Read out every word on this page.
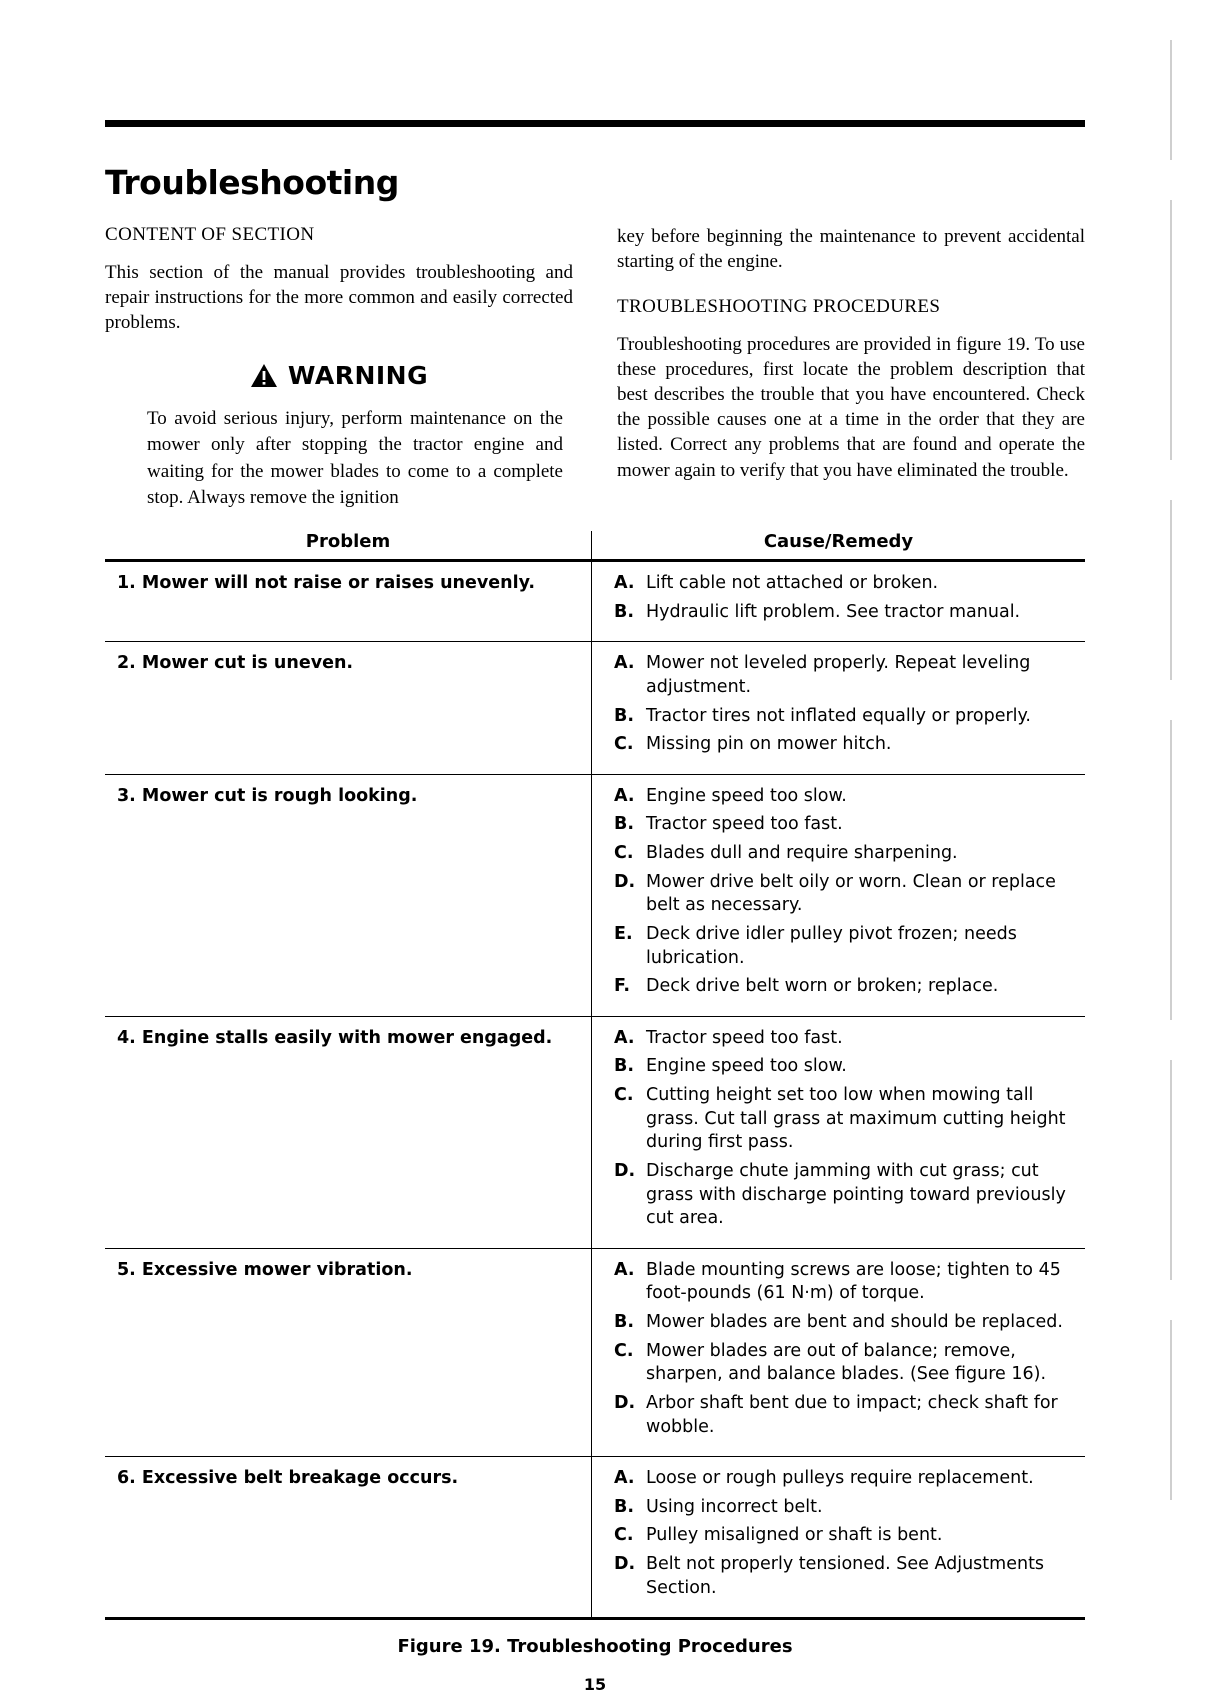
Troubleshooting
CONTENT OF SECTION
This section of the manual provides troubleshooting and repair instructions for the more common and easily corrected problems.
WARNING
To avoid serious injury, perform maintenance on the mower only after stopping the tractor engine and waiting for the mower blades to come to a complete stop. Always remove the ignition
key before beginning the maintenance to prevent accidental starting of the engine.
TROUBLESHOOTING PROCEDURES
Troubleshooting procedures are provided in figure 19. To use these procedures, first locate the problem description that best describes the trouble that you have encountered. Check the possible causes one at a time in the order that they are listed. Correct any problems that are found and operate the mower again to verify that you have eliminated the trouble.
Problem	Cause/Remedy
1. Mower will not raise or raises unevenly.	A. Lift cable not attached or broken.
B. Hydraulic lift problem. See tractor manual.

2. Mower cut is uneven.	A. Mower not leveled properly. Repeat leveling adjustment.
B. Tractor tires not inflated equally or properly.
C. Missing pin on mower hitch.

3. Mower cut is rough looking.	A. Engine speed too slow.
B. Tractor speed too fast.
C. Blades dull and require sharpening.
D. Mower drive belt oily or worn. Clean or replace belt as necessary.
E. Deck drive idler pulley pivot frozen; needs lubrication.
F. Deck drive belt worn or broken; replace.

4. Engine stalls easily with mower engaged.	A. Tractor speed too fast.
B. Engine speed too slow.
C. Cutting height set too low when mowing tall grass. Cut tall grass at maximum cutting height during first pass.
D. Discharge chute jamming with cut grass; cut grass with discharge pointing toward previously cut area.

5. Excessive mower vibration.	A. Blade mounting screws are loose; tighten to 45 foot-pounds (61 N·m) of torque.
B. Mower blades are bent and should be replaced.
C. Mower blades are out of balance; remove, sharpen, and balance blades. (See figure 16).
D. Arbor shaft bent due to impact; check shaft for wobble.

6. Excessive belt breakage occurs.	A. Loose or rough pulleys require replacement.
B. Using incorrect belt.
C. Pulley misaligned or shaft is bent.
D. Belt not properly tensioned. See Adjustments Section.
Figure 19. Troubleshooting Procedures
15
